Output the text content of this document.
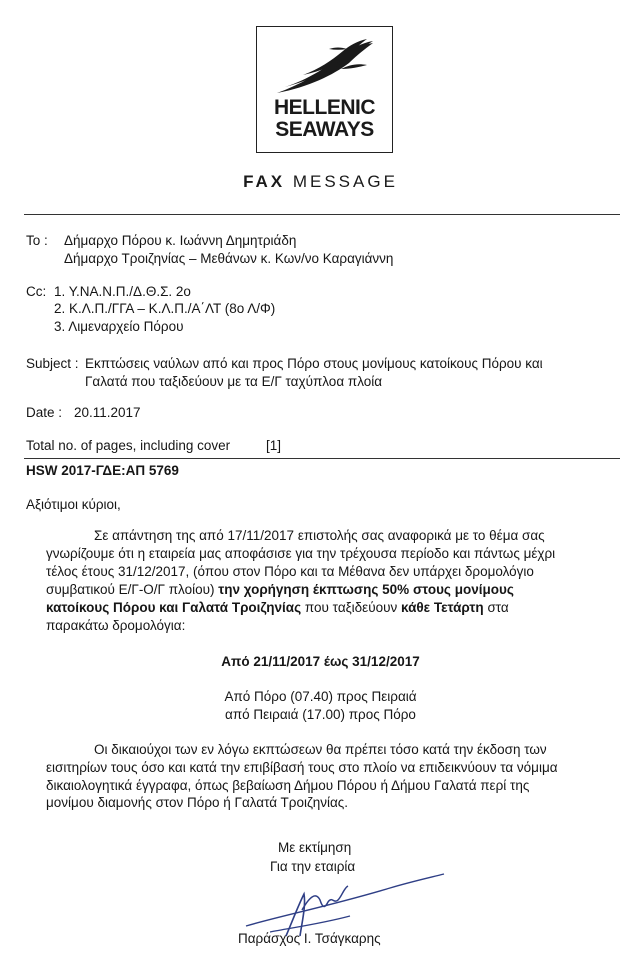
HELLENIC
SEAWAYS
FAX MESSAGE
To : Δήμαρχο Πόρου κ. Ιωάννη Δημητριάδη
Δήμαρχο Τροιζηνίας – Μεθάνων κ. Κων/νο Καραγιάννη
Cc: 1. Υ.ΝΑ.Ν.Π./Δ.Θ.Σ. 2ο
2. Κ.Λ.Π./ΓΓΑ – Κ.Λ.Π./Α΄ΛΤ (8ο Λ/Φ)
3. Λιμεναρχείο Πόρου
Subject : Εκπτώσεις ναύλων από και προς Πόρο στους μονίμους κατοίκους Πόρου και
Γαλατά που ταξιδεύουν με τα Ε/Γ ταχύπλοα πλοία
Date : 20.11.2017
Total no. of pages, including cover	[1]
HSW 2017-ΓΔΕ:ΑΠ 5769
Αξιότιμοι κύριοι,
Σε απάντηση της από 17/11/2017 επιστολής σας αναφορικά με το θέμα σας
γνωρίζουμε ότι η εταιρεία μας αποφάσισε για την τρέχουσα περίοδο και πάντως μέχρι
τέλος έτους 31/12/2017, (όπου στον Πόρο και τα Μέθανα δεν υπάρχει δρομολόγιο
συμβατικού Ε/Γ-Ο/Γ πλοίου) την χορήγηση έκπτωσης 50% στους μονίμους
κατοίκους Πόρου και Γαλατά Τροιζηνίας που ταξιδεύουν κάθε Τετάρτη στα
παρακάτω δρομολόγια:
Από 21/11/2017 έως 31/12/2017
Από Πόρο (07.40) προς Πειραιά
από Πειραιά (17.00) προς Πόρο
Οι δικαιούχοι των εν λόγω εκπτώσεων θα πρέπει τόσο κατά την έκδοση των
εισιτηρίων τους όσο και κατά την επιβίβασή τους στο πλοίο να επιδεικνύουν τα νόμιμα
δικαιολογητικά έγγραφα, όπως βεβαίωση Δήμου Πόρου ή Δήμου Γαλατά περί της
μονίμου διαμονής στον Πόρο ή Γαλατά Τροιζηνίας.
Με εκτίμηση
Για την εταιρία
Παράσχος Ι. Τσάγκαρης
